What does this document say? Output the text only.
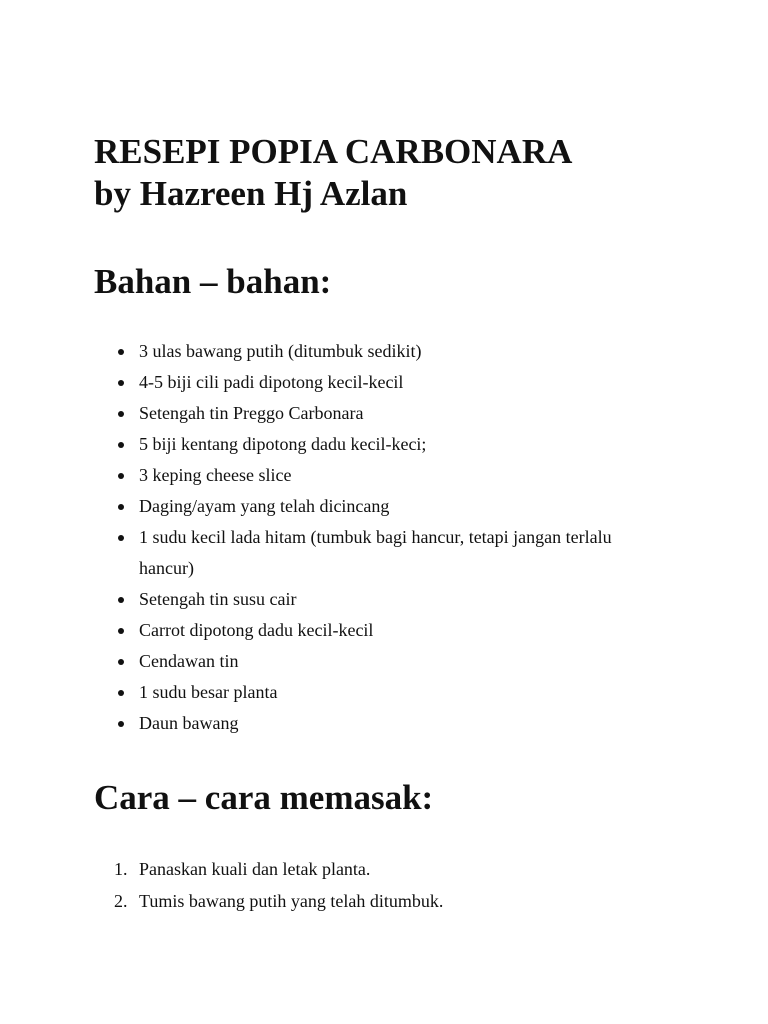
RESEPI POPIA CARBONARA
by Hazreen Hj Azlan
Bahan – bahan:
3 ulas bawang putih (ditumbuk sedikit)
4-5 biji cili padi dipotong kecil-kecil
Setengah tin Preggo Carbonara
5 biji kentang dipotong dadu kecil-keci;
3 keping cheese slice
Daging/ayam yang telah dicincang
1 sudu kecil lada hitam (tumbuk bagi hancur, tetapi jangan terlalu hancur)
Setengah tin susu cair
Carrot dipotong dadu kecil-kecil
Cendawan tin
1 sudu besar planta
Daun bawang
Cara – cara memasak:
1. Panaskan kuali dan letak planta.
2. Tumis bawang putih yang telah ditumbuk.
